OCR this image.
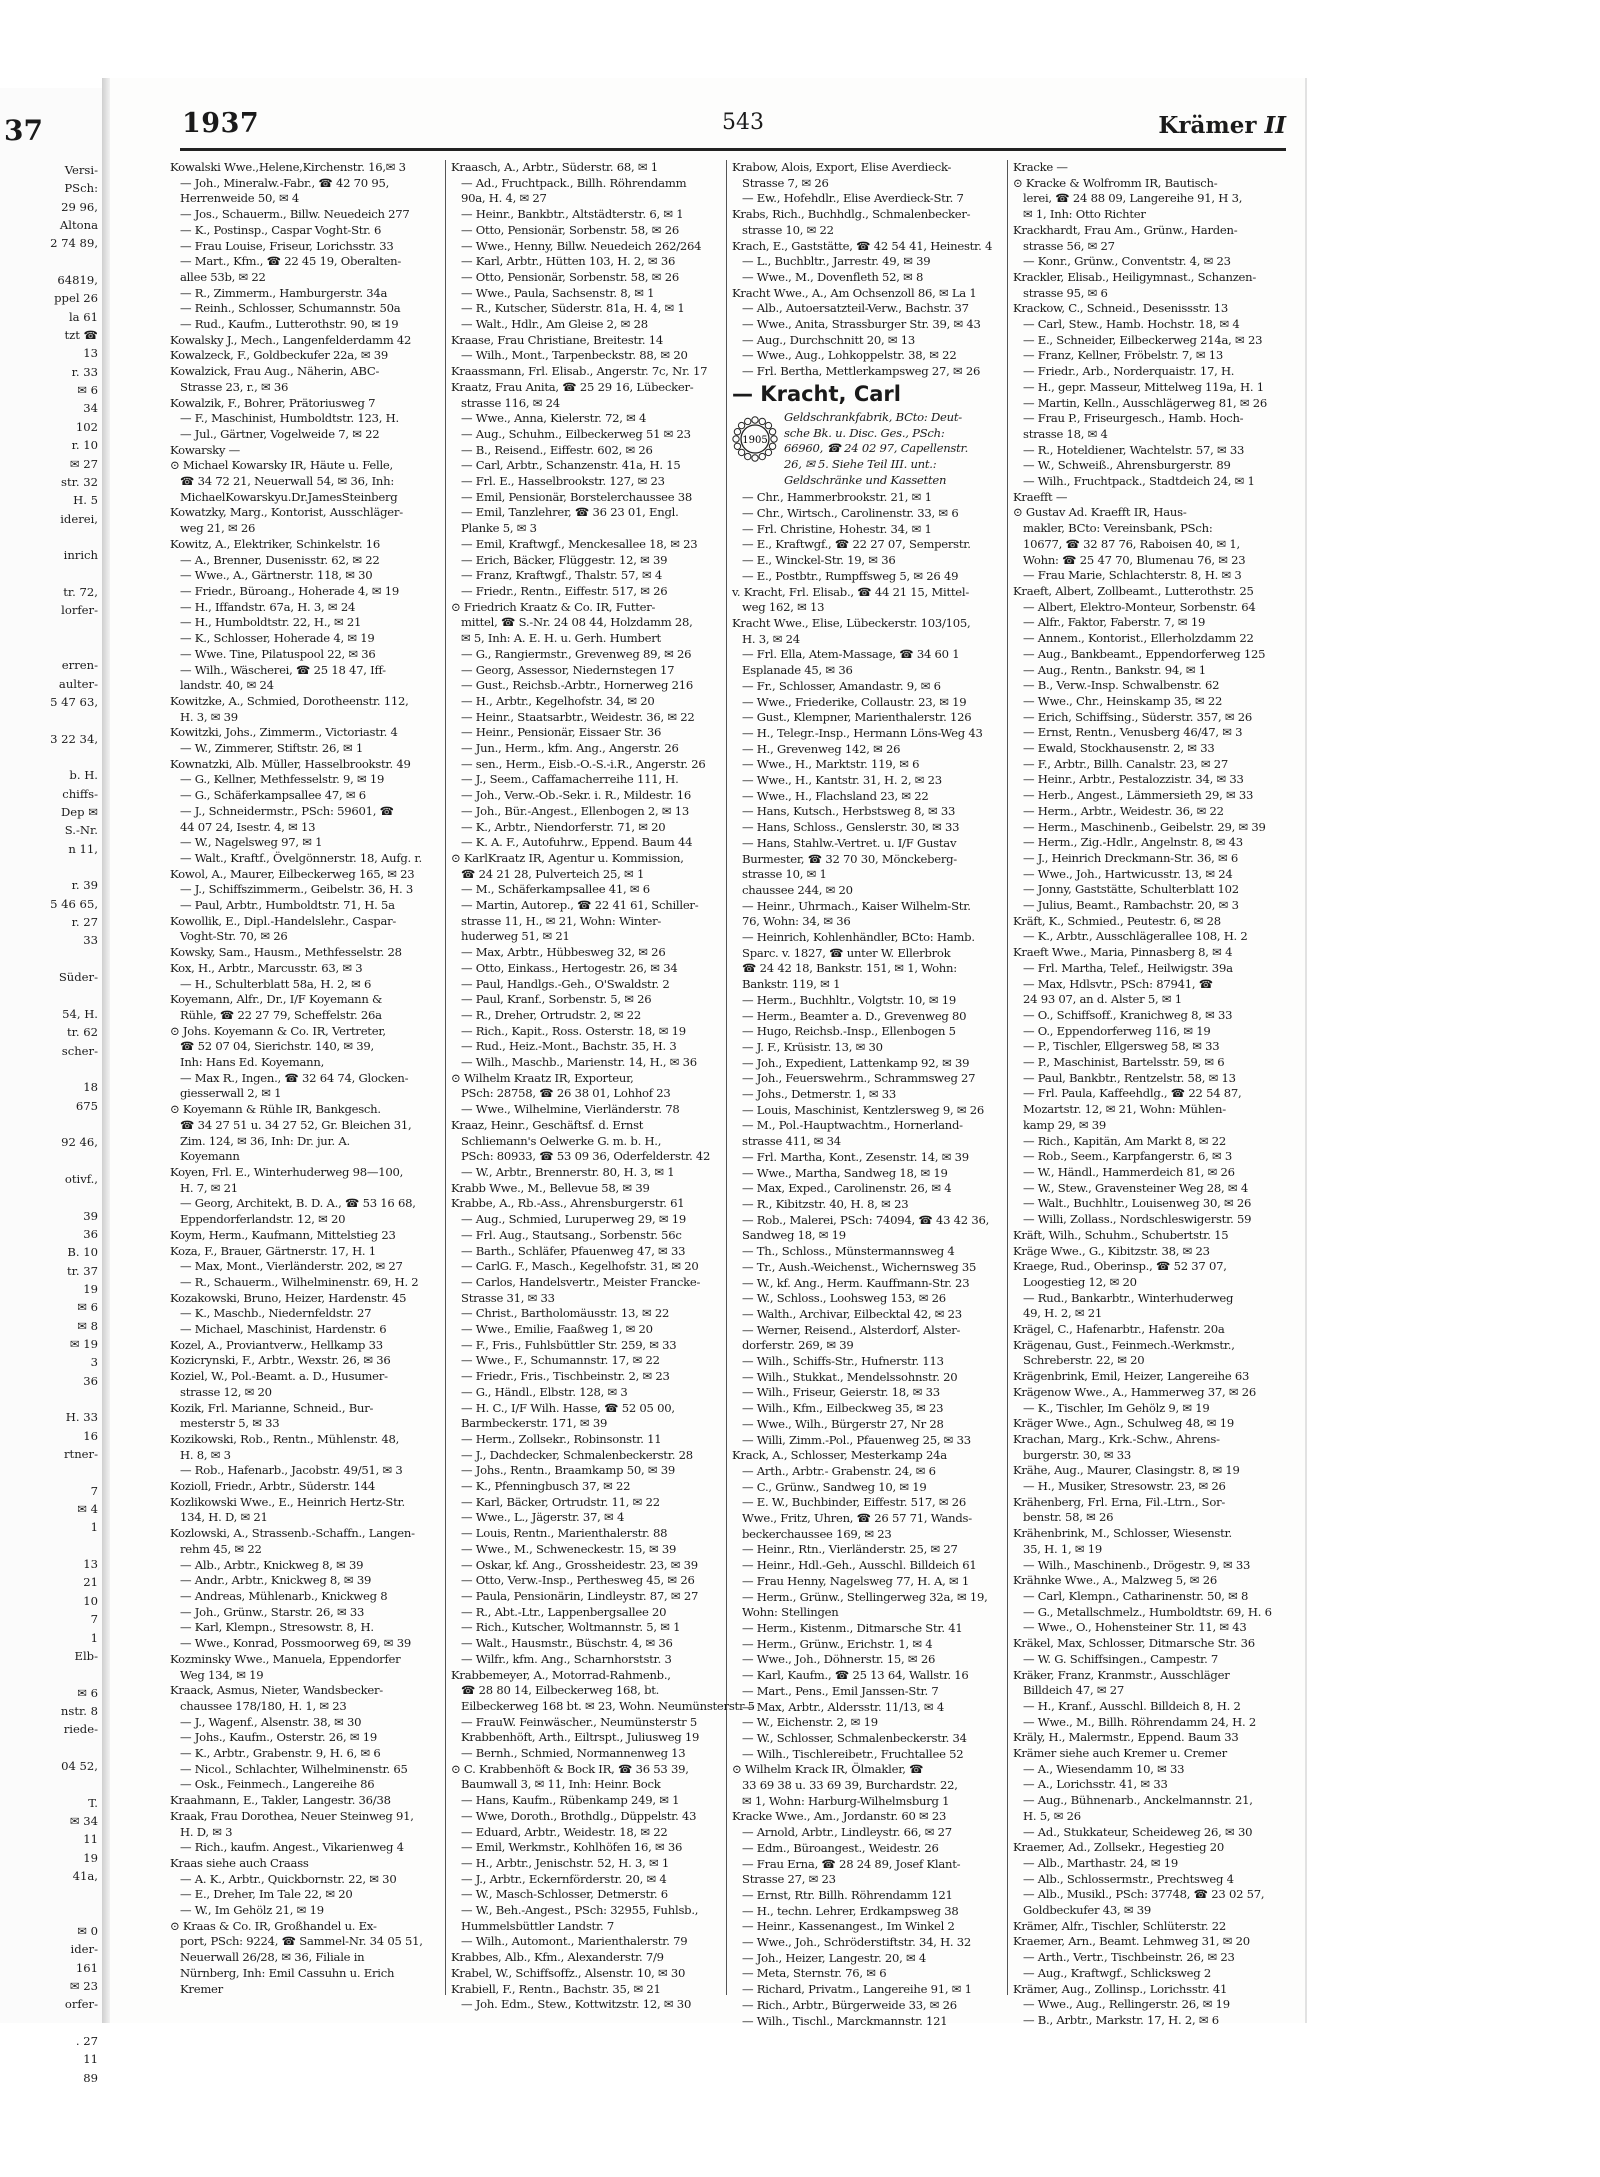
37
Versi-
PSch:
29 96,
Altona
2 74 89,

64819,
ppel 26
la 61
tzt ☎
13
r. 33
✉ 6
34
102
r. 10
✉ 27
str. 32
H. 5
iderei,

inrich

tr. 72,
lorfer-

erren-
aulter-
5 47 63,

3 22 34,

b. H.
chiffs-
Dep ✉
S.-Nr.
n 11,

r. 39
5 46 65,
r. 27
33

Süder-

54, H.
tr. 62
scher-

18
675

92 46,

otivf.,

39
36
B. 10
tr. 37
19
✉ 6
✉ 8
✉ 19
3
36

H. 33
16
rtner-

7
✉ 4
1

13
21
10
7
1
Elb-

✉ 6
nstr. 8
riede-

04 52,

T.
✉ 34
11
19
41a,

✉ 0
ider-
161
✉ 23
orfer-

. 27
11
89
1937	543	Krämer II
Kowalski Wwe.,Helene,Kirchenstr. 16,✉ 3
— Joh., Mineralw.-Fabr., ☎ 42 70 95,
Herrenweide 50, ✉ 4
— Jos., Schauerm., Billw. Neuedeich 277
— K., Postinsp., Caspar Voght-Str. 6
— Frau Louise, Friseur, Lorichsstr. 33
— Mart., Kfm., ☎ 22 45 19, Oberalten-
allee 53b, ✉ 22
— R., Zimmerm., Hamburgerstr. 34a
— Reinh., Schlosser, Schumannstr. 50a
— Rud., Kaufm., Lutterothstr. 90, ✉ 19
Kowalsky J., Mech., Langenfelderdamm 42
Kowalzeck, F., Goldbeckufer 22a, ✉ 39
Kowalzick, Frau Aug., Näherin, ABC-
Strasse 23, r., ✉ 36
Kowalzik, F., Bohrer, Prätoriusweg 7
— F., Maschinist, Humboldtstr. 123, H.
— Jul., Gärtner, Vogelweide 7, ✉ 22
Kowarsky —
⊙ Michael Kowarsky IR, Häute u. Felle,
☎ 34 72 21, Neuerwall 54, ✉ 36, Inh:
MichaelKowarskyu.Dr.JamesSteinberg
Kowatzky, Marg., Kontorist, Ausschläger-
weg 21, ✉ 26
Kowitz, A., Elektriker, Schinkelstr. 16
— A., Brenner, Dusenisstr. 62, ✉ 22
— Wwe., A., Gärtnerstr. 118, ✉ 30
— Friedr., Büroang., Hoherade 4, ✉ 19
— H., Iffandstr. 67a, H. 3, ✉ 24
— H., Humboldtstr. 22, H., ✉ 21
— K., Schlosser, Hoherade 4, ✉ 19
— Wwe. Tine, Pilatuspool 22, ✉ 36
— Wilh., Wäscherei, ☎ 25 18 47, Iff-
landstr. 40, ✉ 24
Kowitzke, A., Schmied, Dorotheenstr. 112,
H. 3, ✉ 39
Kowitzki, Johs., Zimmerm., Victoriastr. 4
— W., Zimmerer, Stiftstr. 26, ✉ 1
Kownatzki, Alb. Müller, Hasselbrookstr. 49
— G., Kellner, Methfesselstr. 9, ✉ 19
— G., Schäferkampsallee 47, ✉ 6
— J., Schneidermstr., PSch: 59601, ☎
44 07 24, Isestr. 4, ✉ 13
— W., Nagelsweg 97, ✉ 1
— Walt., Kraftf., Övelgönnerstr. 18, Aufg. r.
Kowol, A., Maurer, Eilbeckerweg 165, ✉ 23
— J., Schiffszimmerm., Geibelstr. 36, H. 3
— Paul, Arbtr., Humboldtstr. 71, H. 5a
Kowollik, E., Dipl.-Handelslehr., Caspar-
Voght-Str. 70, ✉ 26
Kowsky, Sam., Hausm., Methfesselstr. 28
Kox, H., Arbtr., Marcusstr. 63, ✉ 3
— H., Schulterblatt 58a, H. 2, ✉ 6
Koyemann, Alfr., Dr., I/F Koyemann &
Rühle, ☎ 22 27 79, Scheffelstr. 26a
⊙ Johs. Koyemann & Co. IR, Vertreter,
☎ 52 07 04, Sierichstr. 140, ✉ 39,
Inh: Hans Ed. Koyemann,
— Max R., Ingen., ☎ 32 64 74, Glocken-
giesserwall 2, ✉ 1
⊙ Koyemann & Rühle IR, Bankgesch.
☎ 34 27 51 u. 34 27 52, Gr. Bleichen 31,
Zim. 124, ✉ 36, Inh: Dr. jur. A.
Koyemann
Koyen, Frl. E., Winterhuderweg 98—100,
H. 7, ✉ 21
— Georg, Architekt, B. D. A., ☎ 53 16 68,
Eppendorferlandstr. 12, ✉ 20
Koym, Herm., Kaufmann, Mittelstieg 23
Koza, F., Brauer, Gärtnerstr. 17, H. 1
— Max, Mont., Vierländerstr. 202, ✉ 27
— R., Schauerm., Wilhelminenstr. 69, H. 2
Kozakowski, Bruno, Heizer, Hardenstr. 45
— K., Maschb., Niedernfeldstr. 27
— Michael, Maschinist, Hardenstr. 6
Kozel, A., Proviantverw., Hellkamp 33
Kozicrynski, F., Arbtr., Wexstr. 26, ✉ 36
Koziel, W., Pol.-Beamt. a. D., Husumer-
strasse 12, ✉ 20
Kozik, Frl. Marianne, Schneid., Bur-
mesterstr 5, ✉ 33
Kozikowski, Rob., Rentn., Mühlenstr. 48,
H. 8, ✉ 3
— Rob., Hafenarb., Jacobstr. 49/51, ✉ 3
Kozioll, Friedr., Arbtr., Süderstr. 144
Kozlikowski Wwe., E., Heinrich Hertz-Str.
134, H. D, ✉ 21
Kozlowski, A., Strassenb.-Schaffn., Langen-
rehm 45, ✉ 22
— Alb., Arbtr., Knickweg 8, ✉ 39
— Andr., Arbtr., Knickweg 8, ✉ 39
— Andreas, Mühlenarb., Knickweg 8
— Joh., Grünw., Starstr. 26, ✉ 33
— Karl, Klempn., Stresowstr. 8, H.
— Wwe., Konrad, Possmoorweg 69, ✉ 39
Kozminsky Wwe., Manuela, Eppendorfer
Weg 134, ✉ 19
Kraack, Asmus, Nieter, Wandsbecker-
chaussee 178/180, H. 1, ✉ 23
— J., Wagenf., Alsenstr. 38, ✉ 30
— Johs., Kaufm., Osterstr. 26, ✉ 19
— K., Arbtr., Grabenstr. 9, H. 6, ✉ 6
— Nicol., Schlachter, Wilhelminenstr. 65
— Osk., Feinmech., Langereihe 86
Kraahmann, E., Takler, Langestr. 36/38
Kraak, Frau Dorothea, Neuer Steinweg 91,
H. D, ✉ 3
— Rich., kaufm. Angest., Vikarienweg 4
Kraas siehe auch Craass
— A. K., Arbtr., Quickbornstr. 22, ✉ 30
— E., Dreher, Im Tale 22, ✉ 20
— W., Im Gehölz 21, ✉ 19
⊙ Kraas & Co. IR, Großhandel u. Ex-
port, PSch: 9224, ☎ Sammel-Nr. 34 05 51,
Neuerwall 26/28, ✉ 36, Filiale in
Nürnberg, Inh: Emil Cassuhn u. Erich
Kremer
Kraasch, A., Arbtr., Süderstr. 68, ✉ 1
— Ad., Fruchtpack., Billh. Röhrendamm
90a, H. 4, ✉ 27
— Heinr., Bankbtr., Altstädterstr. 6, ✉ 1
— Otto, Pensionär, Sorbenstr. 58, ✉ 26
— Wwe., Henny, Billw. Neuedeich 262/264
— Karl, Arbtr., Hütten 103, H. 2, ✉ 36
— Otto, Pensionär, Sorbenstr. 58, ✉ 26
— Wwe., Paula, Sachsenstr. 8, ✉ 1
— R., Kutscher, Süderstr. 81a, H. 4, ✉ 1
— Walt., Hdlr., Am Gleise 2, ✉ 28
Kraase, Frau Christiane, Breitestr. 14
— Wilh., Mont., Tarpenbeckstr. 88, ✉ 20
Kraassmann, Frl. Elisab., Angerstr. 7c, Nr. 17
Kraatz, Frau Anita, ☎ 25 29 16, Lübecker-
strasse 116, ✉ 24
— Wwe., Anna, Kielerstr. 72, ✉ 4
— Aug., Schuhm., Eilbeckerweg 51 ✉ 23
— B., Reisend., Eiffestr. 602, ✉ 26
— Carl, Arbtr., Schanzenstr. 41a, H. 15
— Frl. E., Hasselbrookstr. 127, ✉ 23
— Emil, Pensionär, Borstelerchaussee 38
— Emil, Tanzlehrer, ☎ 36 23 01, Engl.
Planke 5, ✉ 3
— Emil, Kraftwgf., Menckesallee 18, ✉ 23
— Erich, Bäcker, Flüggestr. 12, ✉ 39
— Franz, Kraftwgf., Thalstr. 57, ✉ 4
— Friedr., Rentn., Eiffestr. 517, ✉ 26
⊙ Friedrich Kraatz & Co. IR, Futter-
mittel, ☎ S.-Nr. 24 08 44, Holzdamm 28,
✉ 5, Inh: A. E. H. u. Gerh. Humbert
— G., Rangiermstr., Grevenweg 89, ✉ 26
— Georg, Assessor, Niedernstegen 17
— Gust., Reichsb.-Arbtr., Hornerweg 216
— H., Arbtr., Kegelhofstr. 34, ✉ 20
— Heinr., Staatsarbtr., Weidestr. 36, ✉ 22
— Heinr., Pensionär, Eissaer Str. 36
— Jun., Herm., kfm. Ang., Angerstr. 26
— sen., Herm., Eisb.-O.-S.-i.R., Angerstr. 26
— J., Seem., Caffamacherreihe 111, H.
— Joh., Verw.-Ob.-Sekr. i. R., Mildestr. 16
— Joh., Bür.-Angest., Ellenbogen 2, ✉ 13
— K., Arbtr., Niendorferstr. 71, ✉ 20
— K. A. F., Autofuhrw., Eppend. Baum 44
⊙ KarlKraatz IR, Agentur u. Kommission,
☎ 24 21 28, Pulverteich 25, ✉ 1
— M., Schäferkampsallee 41, ✉ 6
— Martin, Autorep., ☎ 22 41 61, Schiller-
strasse 11, H., ✉ 21, Wohn: Winter-
huderweg 51, ✉ 21
— Max, Arbtr., Hübbesweg 32, ✉ 26
— Otto, Einkass., Hertogestr. 26, ✉ 34
— Paul, Handlgs.-Geh., O'Swaldstr. 2
— Paul, Kranf., Sorbenstr. 5, ✉ 26
— R., Dreher, Ortrudstr. 2, ✉ 22
— Rich., Kapit., Ross. Osterstr. 18, ✉ 19
— Rud., Heiz.-Mont., Bachstr. 35, H. 3
— Wilh., Maschb., Marienstr. 14, H., ✉ 36
⊙ Wilhelm Kraatz IR, Exporteur,
PSch: 28758, ☎ 26 38 01, Lohhof 23
— Wwe., Wilhelmine, Vierländerstr. 78
Kraaz, Heinr., Geschäftsf. d. Ernst
Schliemann's Oelwerke G. m. b. H.,
PSch: 80933, ☎ 53 09 36, Oderfelderstr. 42
— W., Arbtr., Brennerstr. 80, H. 3, ✉ 1
Krabb Wwe., M., Bellevue 58, ✉ 39
Krabbe, A., Rb.-Ass., Ahrensburgerstr. 61
— Aug., Schmied, Luruperweg 29, ✉ 19
— Frl. Aug., Stautsang., Sorbenstr. 56c
— Barth., Schläfer, Pfauenweg 47, ✉ 33
— CarlG. F., Masch., Kegelhofstr. 31, ✉ 20
— Carlos, Handelsvertr., Meister Francke-
Strasse 31, ✉ 33
— Christ., Bartholomäusstr. 13, ✉ 22
— Wwe., Emilie, Faaßweg 1, ✉ 20
— F., Fris., Fuhlsbüttler Str. 259, ✉ 33
— Wwe., F., Schumannstr. 17, ✉ 22
— Friedr., Fris., Tischbeinstr. 2, ✉ 23
— G., Händl., Elbstr. 128, ✉ 3
— H. C., I/F Wilh. Hasse, ☎ 52 05 00,
Barmbeckerstr. 171, ✉ 39
— Herm., Zollsekr., Robinsonstr. 11
— J., Dachdecker, Schmalenbeckerstr. 28
— Johs., Rentn., Braamkamp 50, ✉ 39
— K., Pfenningbusch 37, ✉ 22
— Karl, Bäcker, Ortrudstr. 11, ✉ 22
— Wwe., L., Jägerstr. 37, ✉ 4
— Louis, Rentn., Marienthalerstr. 88
— Wwe., M., Schweneckestr. 15, ✉ 39
— Oskar, kf. Ang., Grossheidestr. 23, ✉ 39
— Otto, Verw.-Insp., Perthesweg 45, ✉ 26
— Paula, Pensionärin, Lindleystr. 87, ✉ 27
— R., Abt.-Ltr., Lappenbergsallee 20
— Rich., Kutscher, Woltmannstr. 5, ✉ 1
— Walt., Hausmstr., Büschstr. 4, ✉ 36
— Wilfr., kfm. Ang., Scharnhorststr. 3
Krabbemeyer, A., Motorrad-Rahmenb.,
☎ 28 80 14, Eilbeckerweg 168, bt.
Eilbeckerweg 168 bt. ✉ 23, Wohn. Neumünsterstr 5
— FrauW. Feinwäscher., Neumünsterstr 5
Krabbenhöft, Arth., Eiltrspt., Juliusweg 19
— Bernh., Schmied, Normannenweg 13
⊙ C. Krabbenhöft & Bock IR, ☎ 36 53 39,
Baumwall 3, ✉ 11, Inh: Heinr. Bock
— Hans, Kaufm., Rübenkamp 249, ✉ 1
— Wwe, Doroth., Brothdlg., Düppelstr. 43
— Eduard, Arbtr., Weidestr. 18, ✉ 22
— Emil, Werkmstr., Kohlhöfen 16, ✉ 36
— H., Arbtr., Jenischstr. 52, H. 3, ✉ 1
— J., Arbtr., Eckernförderstr. 20, ✉ 4
— W., Masch-Schlosser, Detmerstr. 6
— W., Beh.-Angest., PSch: 32955, Fuhlsb.,
Hummelsbüttler Landstr. 7
— Wilh., Automont., Marienthalerstr. 79
Krabbes, Alb., Kfm., Alexanderstr. 7/9
Krabel, W., Schiffsoffz., Alsenstr. 10, ✉ 30
Krabiell, F., Rentn., Bachstr. 35, ✉ 21
— Joh. Edm., Stew., Kottwitzstr. 12, ✉ 30
Krabow, Alois, Export, Elise Averdieck-
Strasse 7, ✉ 26
— Ew., Hofehdlr., Elise Averdieck-Str. 7
Krabs, Rich., Buchhdlg., Schmalenbecker-
strasse 10, ✉ 22
Krach, E., Gaststätte, ☎ 42 54 41, Heinestr. 4
— L., Buchbltr., Jarrestr. 49, ✉ 39
— Wwe., M., Dovenfleth 52, ✉ 8
Kracht Wwe., A., Am Ochsenzoll 86, ✉ La 1
— Alb., Autoersatzteil-Verw., Bachstr. 37
— Wwe., Anita, Strassburger Str. 39, ✉ 43
— Aug., Durchschnitt 20, ✉ 13
— Wwe., Aug., Lohkoppelstr. 38, ✉ 22
— Frl. Bertha, Mettlerkampsweg 27, ✉ 26
— Kracht, Carl
1905
Geldschrankfabrik, BCto: Deut-
sche Bk. u. Disc. Ges., PSch:
66960, ☎ 24 02 97, Capellenstr.
26, ✉ 5. Siehe Teil III. unt.:
Geldschränke und Kassetten
— Chr., Hammerbrookstr. 21, ✉ 1
— Chr., Wirtsch., Carolinenstr. 33, ✉ 6
— Frl. Christine, Hohestr. 34, ✉ 1
— E., Kraftwgf., ☎ 22 27 07, Semperstr.
— E., Winckel-Str. 19, ✉ 36
— E., Postbtr., Rumpffsweg 5, ✉ 26 49
v. Kracht, Frl. Elisab., ☎ 44 21 15, Mittel-
weg 162, ✉ 13
Kracht Wwe., Elise, Lübeckerstr. 103/105,
H. 3, ✉ 24
— Frl. Ella, Atem-Massage, ☎ 34 60 1
Esplanade 45, ✉ 36
— Fr., Schlosser, Amandastr. 9, ✉ 6
— Wwe., Friederike, Collaustr. 23, ✉ 19
— Gust., Klempner, Marienthalerstr. 126
— H., Telegr.-Insp., Hermann Löns-Weg 43
— H., Grevenweg 142, ✉ 26
— Wwe., H., Marktstr. 119, ✉ 6
— Wwe., H., Kantstr. 31, H. 2, ✉ 23
— Wwe., H., Flachsland 23, ✉ 22
— Hans, Kutsch., Herbstsweg 8, ✉ 33
— Hans, Schloss., Genslerstr. 30, ✉ 33
— Hans, Stahlw.-Vertret. u. I/F Gustav
Burmester, ☎ 32 70 30, Mönckeberg-
strasse 10, ✉ 1
chaussee 244, ✉ 20
— Heinr., Uhrmach., Kaiser Wilhelm-Str.
76, Wohn: 34, ✉ 36
— Heinrich, Kohlenhändler, BCto: Hamb.
Sparc. v. 1827, ☎ unter W. Ellerbrok
☎ 24 42 18, Bankstr. 151, ✉ 1, Wohn:
Bankstr. 119, ✉ 1
— Herm., Buchhltr., Volgtstr. 10, ✉ 19
— Herm., Beamter a. D., Grevenweg 80
— Hugo, Reichsb.-Insp., Ellenbogen 5
— J. F., Krüsistr. 13, ✉ 30
— Joh., Expedient, Lattenkamp 92, ✉ 39
— Joh., Feuerswehrm., Schrammsweg 27
— Johs., Detmerstr. 1, ✉ 33
— Louis, Maschinist, Kentzlersweg 9, ✉ 26
— M., Pol.-Hauptwachtm., Hornerland-
strasse 411, ✉ 34
— Frl. Martha, Kont., Zesenstr. 14, ✉ 39
— Wwe., Martha, Sandweg 18, ✉ 19
— Max, Exped., Carolinenstr. 26, ✉ 4
— R., Kibitzstr. 40, H. 8, ✉ 23
— Rob., Malerei, PSch: 74094, ☎ 43 42 36,
Sandweg 18, ✉ 19
— Th., Schloss., Münstermannsweg 4
— Tr., Aush.-Weichenst., Wichernsweg 35
— W., kf. Ang., Herm. Kauffmann-Str. 23
— W., Schloss., Loohsweg 153, ✉ 26
— Walth., Archivar, Eilbecktal 42, ✉ 23
— Werner, Reisend., Alsterdorf, Alster-
dorferstr. 269, ✉ 39
— Wilh., Schiffs-Str., Hufnerstr. 113
— Wilh., Stukkat., Mendelssohnstr. 20
— Wilh., Friseur, Geierstr. 18, ✉ 33
— Wilh., Kfm., Eilbeckweg 35, ✉ 23
— Wwe., Wilh., Bürgerstr 27, Nr 28
— Willi, Zimm.-Pol., Pfauenweg 25, ✉ 33
Krack, A., Schlosser, Mesterkamp 24a
— Arth., Arbtr.- Grabenstr. 24, ✉ 6
— C., Grünw., Sandweg 10, ✉ 19
— E. W., Buchbinder, Eiffestr. 517, ✉ 26
Wwe., Fritz, Uhren, ☎ 26 57 71, Wands-
beckerchaussee 169, ✉ 23
— Heinr., Rtn., Vierländerstr. 25, ✉ 27
— Heinr., Hdl.-Geh., Ausschl. Billdeich 61
— Frau Henny, Nagelsweg 77, H. A, ✉ 1
— Herm., Grünw., Stellingerweg 32a, ✉ 19,
Wohn: Stellingen
— Herm., Kistenm., Ditmarsche Str. 41
— Herm., Grünw., Erichstr. 1, ✉ 4
— Wwe., Joh., Döhnerstr. 15, ✉ 26
— Karl, Kaufm., ☎ 25 13 64, Wallstr. 16
— Mart., Pens., Emil Janssen-Str. 7
— Max, Arbtr., Aldersstr. 11/13, ✉ 4
— W., Eichenstr. 2, ✉ 19
— W., Schlosser, Schmalenbeckerstr. 34
— Wilh., Tischlereibetr., Fruchtallee 52
⊙ Wilhelm Krack IR, Ölmakler, ☎
33 69 38 u. 33 69 39, Burchardstr. 22,
✉ 1, Wohn: Harburg-Wilhelmsburg 1
Kracke Wwe., Am., Jordanstr. 60 ✉ 23
— Arnold, Arbtr., Lindleystr. 66, ✉ 27
— Edm., Büroangest., Weidestr. 26
— Frau Erna, ☎ 28 24 89, Josef Klant-
Strasse 27, ✉ 23
— Ernst, Rtr. Billh. Röhrendamm 121
— H., techn. Lehrer, Erdkampsweg 38
— Heinr., Kassenangest., Im Winkel 2
— Wwe., Joh., Schröderstiftstr. 34, H. 32
— Joh., Heizer, Langestr. 20, ✉ 4
— Meta, Sternstr. 76, ✉ 6
— Richard, Privatm., Langereihe 91, ✉ 1
— Rich., Arbtr., Bürgerweide 33, ✉ 26
— Wilh., Tischl., Marckmannstr. 121
Kracke —
⊙ Kracke & Wolfromm IR, Bautisch-
lerei, ☎ 24 88 09, Langereihe 91, H 3,
✉ 1, Inh: Otto Richter
Krackhardt, Frau Am., Grünw., Harden-
strasse 56, ✉ 27
— Konr., Grünw., Conventstr. 4, ✉ 23
Krackler, Elisab., Heiligymnast., Schanzen-
strasse 95, ✉ 6
Krackow, C., Schneid., Desenissstr. 13
— Carl, Stew., Hamb. Hochstr. 18, ✉ 4
— E., Schneider, Eilbeckerweg 214a, ✉ 23
— Franz, Kellner, Fröbelstr. 7, ✉ 13
— Friedr., Arb., Norderquaistr. 17, H.
— H., gepr. Masseur, Mittelweg 119a, H. 1
— Martin, Kelln., Ausschlägerweg 81, ✉ 26
— Frau P., Friseurgesch., Hamb. Hoch-
strasse 18, ✉ 4
— R., Hoteldiener, Wachtelstr. 57, ✉ 33
— W., Schweiß., Ahrensburgerstr. 89
— Wilh., Fruchtpack., Stadtdeich 24, ✉ 1
Kraefft —
⊙ Gustav Ad. Kraefft IR, Haus-
makler, BCto: Vereinsbank, PSch:
10677, ☎ 32 87 76, Raboisen 40, ✉ 1,
Wohn: ☎ 25 47 70, Blumenau 76, ✉ 23
— Frau Marie, Schlachterstr. 8, H. ✉ 3
Kraeft, Albert, Zollbeamt., Lutterothstr. 25
— Albert, Elektro-Monteur, Sorbenstr. 64
— Alfr., Faktor, Faberstr. 7, ✉ 19
— Annem., Kontorist., Ellerholzdamm 22
— Aug., Bankbeamt., Eppendorferweg 125
— Aug., Rentn., Bankstr. 94, ✉ 1
— B., Verw.-Insp. Schwalbenstr. 62
— Wwe., Chr., Heinskamp 35, ✉ 22
— Erich, Schiffsing., Süderstr. 357, ✉ 26
— Ernst, Rentn., Venusberg 46/47, ✉ 3
— Ewald, Stockhausenstr. 2, ✉ 33
— F., Arbtr., Billh. Canalstr. 23, ✉ 27
— Heinr., Arbtr., Pestalozzistr. 34, ✉ 33
— Herb., Angest., Lämmersieth 29, ✉ 33
— Herm., Arbtr., Weidestr. 36, ✉ 22
— Herm., Maschinenb., Geibelstr. 29, ✉ 39
— Herm., Zig.-Hdlr., Angelnstr. 8, ✉ 43
— J., Heinrich Dreckmann-Str. 36, ✉ 6
— Wwe., Joh., Hartwicusstr. 13, ✉ 24
— Jonny, Gaststätte, Schulterblatt 102
— Julius, Beamt., Rambachstr. 20, ✉ 3
Kräft, K., Schmied., Peutestr. 6, ✉ 28
— K., Arbtr., Ausschlägerallee 108, H. 2
Kraeft Wwe., Maria, Pinnasberg 8, ✉ 4
— Frl. Martha, Telef., Heilwigstr. 39a
— Max, Hdlsvtr., PSch: 87941, ☎
24 93 07, an d. Alster 5, ✉ 1
— O., Schiffsoff., Kranichweg 8, ✉ 33
— O., Eppendorferweg 116, ✉ 19
— P., Tischler, Ellgersweg 58, ✉ 33
— P., Maschinist, Bartelsstr. 59, ✉ 6
— Paul, Bankbtr., Rentzelstr. 58, ✉ 13
— Frl. Paula, Kaffeehdlg., ☎ 22 54 87,
Mozartstr. 12, ✉ 21, Wohn: Mühlen-
kamp 29, ✉ 39
— Rich., Kapitän, Am Markt 8, ✉ 22
— Rob., Seem., Karpfangerstr. 6, ✉ 3
— W., Händl., Hammerdeich 81, ✉ 26
— W., Stew., Gravensteiner Weg 28, ✉ 4
— Walt., Buchhltr., Louisenweg 30, ✉ 26
— Willi, Zollass., Nordschleswigerstr. 59
Kräft, Wilh., Schuhm., Schubertstr. 15
Kräge Wwe., G., Kibitzstr. 38, ✉ 23
Kraege, Rud., Oberinsp., ☎ 52 37 07,
Loogestieg 12, ✉ 20
— Rud., Bankarbtr., Winterhuderweg
49, H. 2, ✉ 21
Krägel, C., Hafenarbtr., Hafenstr. 20a
Krägenau, Gust., Feinmech.-Werkmstr.,
Schreberstr. 22, ✉ 20
Krägenbrink, Emil, Heizer, Langereihe 63
Krägenow Wwe., A., Hammerweg 37, ✉ 26
— K., Tischler, Im Gehölz 9, ✉ 19
Kräger Wwe., Agn., Schulweg 48, ✉ 19
Krachan, Marg., Krk.-Schw., Ahrens-
burgerstr. 30, ✉ 33
Krähe, Aug., Maurer, Clasingstr. 8, ✉ 19
— H., Musiker, Stresowstr. 23, ✉ 26
Krähenberg, Frl. Erna, Fil.-Ltrn., Sor-
benstr. 58, ✉ 26
Krähenbrink, M., Schlosser, Wiesenstr.
35, H. 1, ✉ 19
— Wilh., Maschinenb., Drögestr. 9, ✉ 33
Krähnke Wwe., A., Malzweg 5, ✉ 26
— Carl, Klempn., Catharinenstr. 50, ✉ 8
— G., Metallschmelz., Humboldtstr. 69, H. 6
— Wwe., O., Hohensteiner Str. 11, ✉ 43
Kräkel, Max, Schlosser, Ditmarsche Str. 36
— W. G. Schiffsingen., Campestr. 7
Kräker, Franz, Kranmstr., Ausschläger
Billdeich 47, ✉ 27
— H., Kranf., Ausschl. Billdeich 8, H. 2
— Wwe., M., Billh. Röhrendamm 24, H. 2
Kräly, H., Malermstr., Eppend. Baum 33
Krämer siehe auch Kremer u. Cremer
— A., Wiesendamm 10, ✉ 33
— A., Lorichsstr. 41, ✉ 33
— Aug., Bühnenarb., Anckelmannstr. 21,
H. 5, ✉ 26
— Ad., Stukkateur, Scheideweg 26, ✉ 30
Kraemer, Ad., Zollsekr., Hegestieg 20
— Alb., Marthastr. 24, ✉ 19
— Alb., Schlossermstr., Prechtsweg 4
— Alb., Musikl., PSch: 37748, ☎ 23 02 57,
Goldbeckufer 43, ✉ 39
Krämer, Alfr., Tischler, Schlüterstr. 22
Kraemer, Arn., Beamt. Lehmweg 31, ✉ 20
— Arth., Vertr., Tischbeinstr. 26, ✉ 23
— Aug., Kraftwgf., Schlicksweg 2
Krämer, Aug., Zollinsp., Lorichsstr. 41
— Wwe., Aug., Rellingerstr. 26, ✉ 19
— B., Arbtr., Markstr. 17, H. 2, ✉ 6
